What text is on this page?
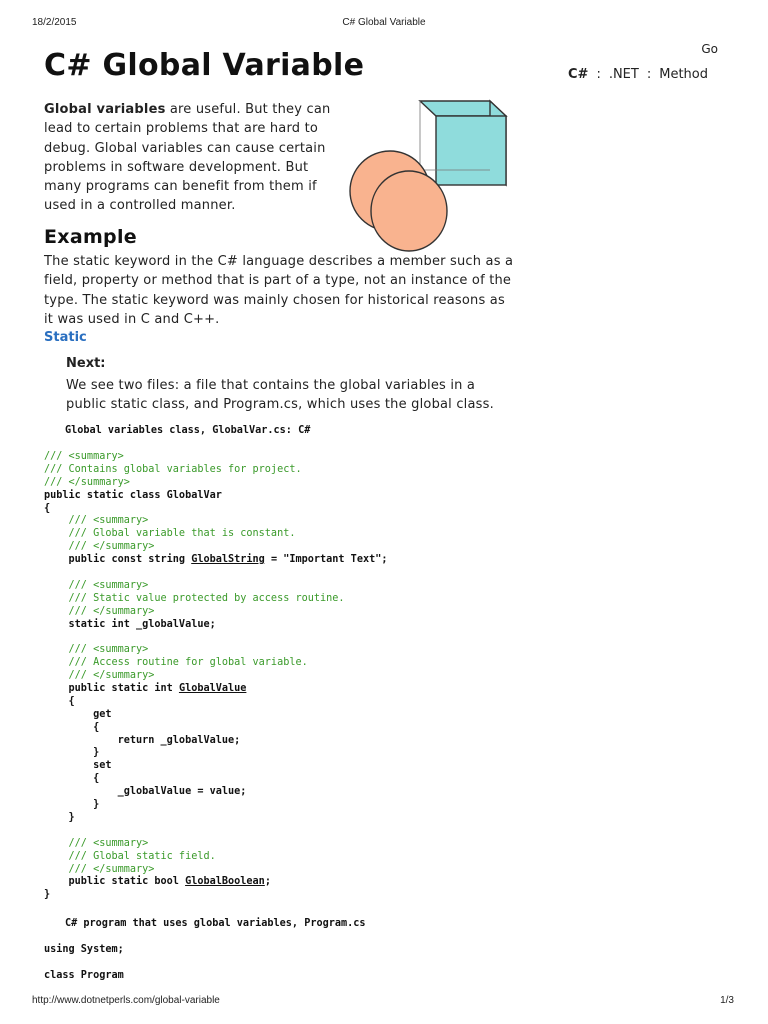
18/2/2015	C# Global Variable
http://www.dotnetperls.com/global-variable	1/3
Go
C# : .NET : Method
C# Global Variable

Global variables are useful. But they can lead to certain problems that are hard to debug. Global variables can cause certain problems in software development. But many programs can benefit from them if used in a controlled manner.

Example

The static keyword in the C# language describes a member such as a field, property or method that is part of a type, not an instance of the type. The static keyword was mainly chosen for historical reasons as it was used in C and C++.

Static
Next:
We see two files: a file that contains the global variables in a public static class, and Program.cs, which uses the global class.
Global variables class, GlobalVar.cs: C#
/// <summary>
/// Contains global variables for project.
/// </summary>
public static class GlobalVar
{
/// <summary>
/// Global variable that is constant.
/// </summary>
public const string GlobalString = "Important Text";
/// <summary>
/// Static value protected by access routine.
/// </summary>
static int _globalValue;
/// <summary>
/// Access routine for global variable.
/// </summary>
public static int GlobalValue
{
get
{
return _globalValue;
}
set
{
_globalValue = value;
}
}
/// <summary>
/// Global static field.
/// </summary>
public static bool GlobalBoolean;
}
C# program that uses global variables, Program.cs
using System;
class Program
